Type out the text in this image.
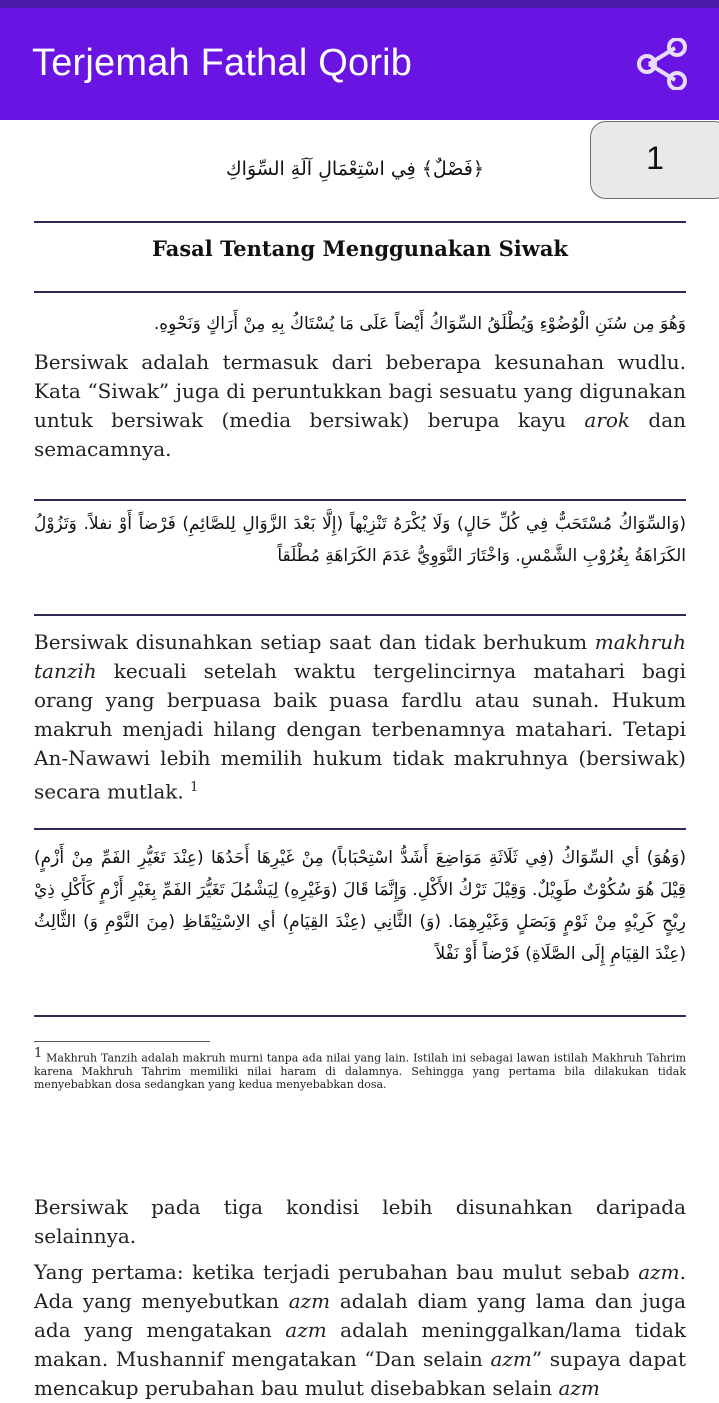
Terjemah Fathal Qorib
1
﴿فَصْلٌ﴾ فِي اسْتِعْمَالِ آلَةِ السِّوَاكِ
Fasal Tentang Menggunakan Siwak
وَهُوَ مِن سُنَنِ الْوُضُوْءِ وَيُطْلَقُ السِّوَاكُ أَيْضاً عَلَى مَا يُسْتَاكُ بِهِ مِنْ أَرَاكٍ وَنَحْوِهِ.
Bersiwak adalah termasuk dari beberapa kesunahan wudlu. Kata “Siwak” juga di peruntukkan bagi sesuatu yang digunakan untuk bersiwak (media bersiwak) berupa kayu arok dan semacamnya.
(وَالسِّوَاكُ مُسْتَحَبٌّ فِي كُلِّ حَالٍ) وَلَا يُكْرَهُ تَنْزِيْهاً (إِلَّا بَعْدَ الزَّوَالِ لِلصَّائِمِ) فَرْضاً أَوْ نفلاً. وَتَزُوْلُ الكَرَاهَةُ بِغُرُوْبِ الشَّمْسِ. وَاخْتَارَ النَّوَوِيُّ عَدَمَ الكَرَاهَةِ مُطْلَقاً
Bersiwak disunahkan setiap saat dan tidak berhukum makhruh tanzih kecuali setelah waktu tergelincirnya matahari bagi orang yang berpuasa baik puasa fardlu atau sunah. Hukum makruh menjadi hilang dengan terbenamnya matahari. Tetapi An-Nawawi lebih memilih hukum tidak makruhnya (bersiwak) secara mutlak. $^1$
(وَهُوَ) أي السِّوَاكُ (فِي ثَلَاثَةِ مَوَاضِعَ أَشَدُّ اسْتِحْبَاباً) مِنْ غَيْرِهَا أَحَدُهَا (عِنْدَ تَغَيُّرِ الفَمِّ مِنْ أَزْمٍ) قِيْلَ هُوَ سُكُوْتٌ طَوِيْلٌ. وَقِيْلَ تَرْكُ الأَكْلِ. وَإِنَّمَا قَالَ (وَغَيْرِهِ) لِيَشْمُلَ تَغَيُّرَ الفَمِّ بِغَيْرِ أَزْمٍ كَأَكْلِ ذِيْ رِيْحٍ كَرِيْهٍ مِنْ ثَوْمٍ وَبَصَلٍ وَغَيْرِهِمَا. (وَ) الثَّانِي (عِنْدَ القِيَامِ) أي الاِسْتِيْقَاظِ (مِنَ النَّوْمِ وَ) الثَّالِثُ (عِنْدَ القِيَامِ إِلَى الصَّلَاةِ) فَرْضاً أَوْ نَفْلاً
$^1$ Makhruh Tanzih adalah makruh murni tanpa ada nilai yang lain. Istilah ini sebagai lawan istilah Makhruh Tahrim karena Makhruh Tahrim memiliki nilai haram di dalamnya. Sehingga yang pertama bila dilakukan tidak menyebabkan dosa sedangkan yang kedua menyebabkan dosa.
Bersiwak pada tiga kondisi lebih disunahkan daripada selainnya.
Yang pertama: ketika terjadi perubahan bau mulut sebab azm. Ada yang menyebutkan azm adalah diam yang lama dan juga ada yang mengatakan azm adalah meninggalkan/lama tidak makan. Mushannif mengatakan “Dan selain azm” supaya dapat mencakup perubahan bau mulut disebabkan selain azm
